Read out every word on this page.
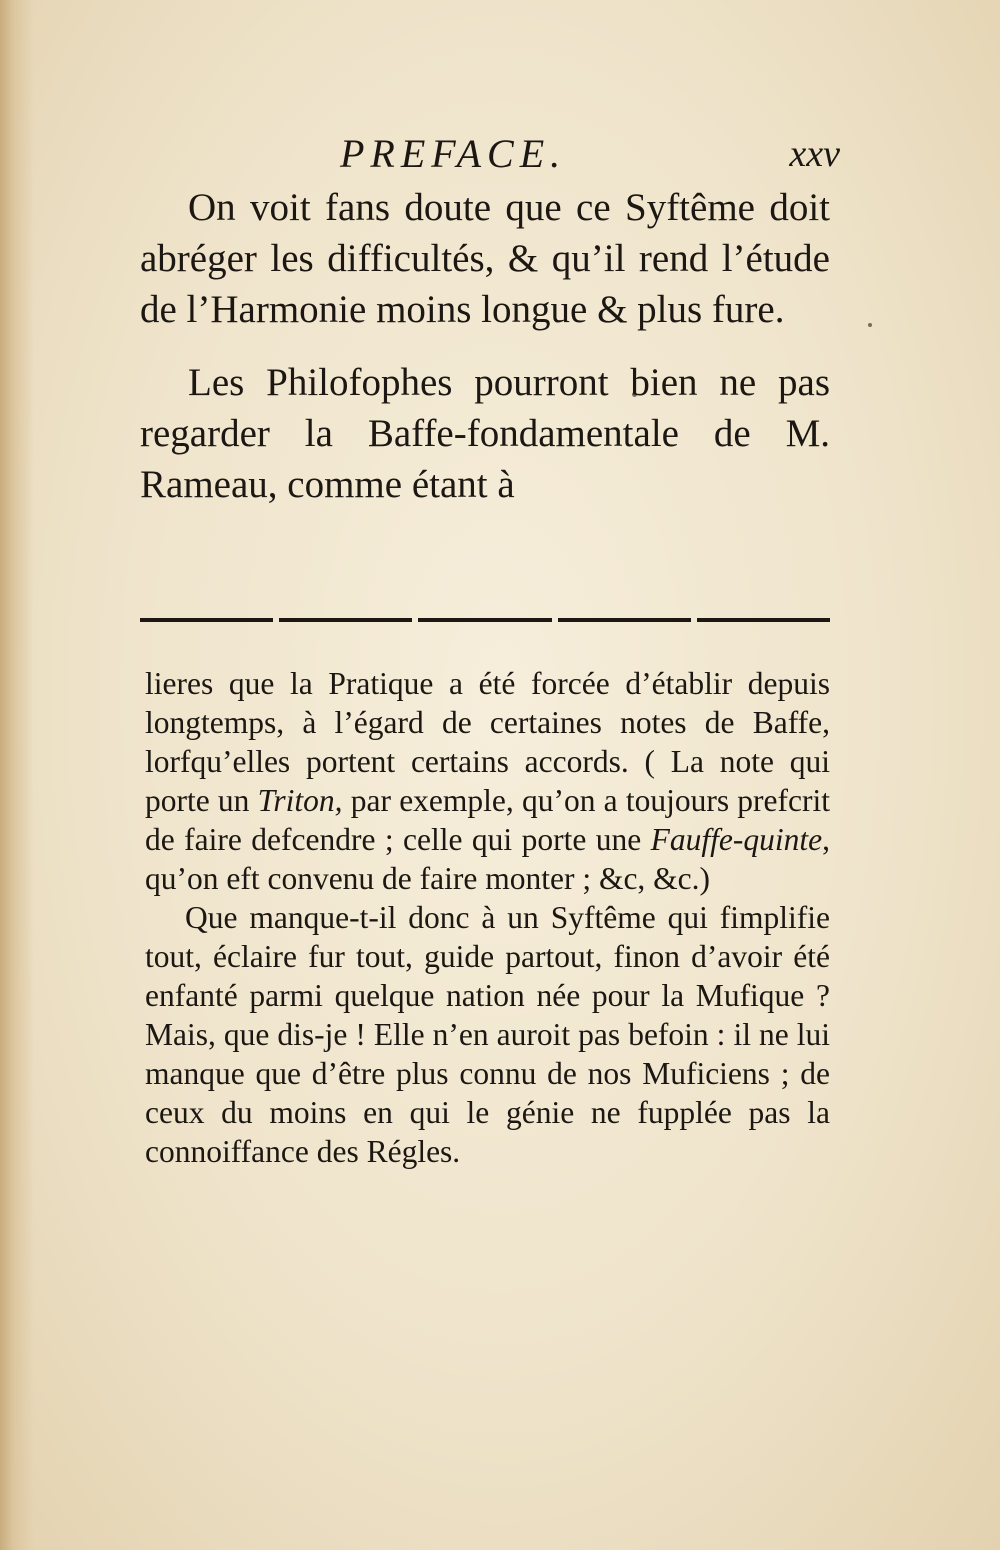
PREFACE.	xxv

On voit fans doute que ce Syftême doit abréger les difficultés, & qu’il rend l’étude de l’Harmonie moins longue & plus fure.

Les Philofophes pourront bien ne pas regarder la Baffe-fondamentale de M. Rameau, comme étant à

lieres que la Pratique a été forcée d’établir depuis longtemps, à l’égard de certaines notes de Baffe, lorfqu’elles portent certains accords. ( La note qui porte un Triton, par exemple, qu’on a toujours prefcrit de faire defcendre ; celle qui porte une Fauffe-quinte, qu’on eft convenu de faire monter ; &c, &c.)

Que manque-t-il donc à un Syftême qui fimplifie tout, éclaire fur tout, guide partout, finon d’avoir été enfanté parmi quelque nation née pour la Mufique ? Mais, que dis-je ! Elle n’en auroit pas befoin : il ne lui manque que d’être plus connu de nos Muficiens ; de ceux du moins en qui le génie ne fupplée pas la connoiffance des Régles.
